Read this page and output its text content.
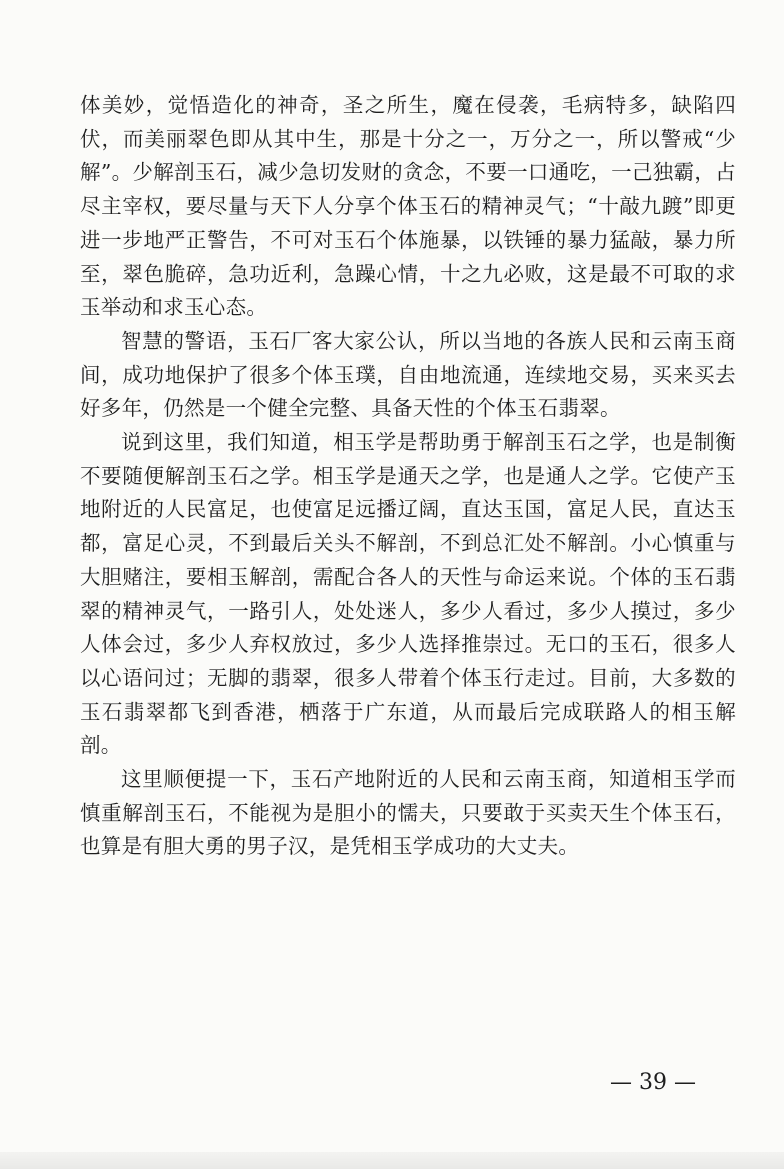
体美妙，觉悟造化的神奇，圣之所生，魔在侵袭，毛病特多，缺陷四伏，而美丽翠色即从其中生，那是十分之一，万分之一，所以警戒“少解”。少解剖玉石，减少急切发财的贪念，不要一口通吃，一己独霸，占尽主宰权，要尽量与天下人分享个体玉石的精神灵气；“十敲九踱”即更进一步地严正警告，不可对玉石个体施暴，以铁锤的暴力猛敲，暴力所至，翠色脆碎，急功近利，急躁心情，十之九必败，这是最不可取的求玉举动和求玉心态。

智慧的警语，玉石厂客大家公认，所以当地的各族人民和云南玉商间，成功地保护了很多个体玉璞，自由地流通，连续地交易，买来买去好多年，仍然是一个健全完整、具备天性的个体玉石翡翠。

说到这里，我们知道，相玉学是帮助勇于解剖玉石之学，也是制衡不要随便解剖玉石之学。相玉学是通天之学，也是通人之学。它使产玉地附近的人民富足，也使富足远播辽阔，直达玉国，富足人民，直达玉都，富足心灵，不到最后关头不解剖，不到总汇处不解剖。小心慎重与大胆赌注，要相玉解剖，需配合各人的天性与命运来说。个体的玉石翡翠的精神灵气，一路引人，处处迷人，多少人看过，多少人摸过，多少人体会过，多少人弃权放过，多少人选择推崇过。无口的玉石，很多人以心语问过；无脚的翡翠，很多人带着个体玉行走过。目前，大多数的玉石翡翠都飞到香港，栖落于广东道，从而最后完成联路人的相玉解剖。

这里顺便提一下，玉石产地附近的人民和云南玉商，知道相玉学而慎重解剖玉石，不能视为是胆小的懦夫，只要敢于买卖天生个体玉石，也算是有胆大勇的男子汉，是凭相玉学成功的大丈夫。

— 39 —
